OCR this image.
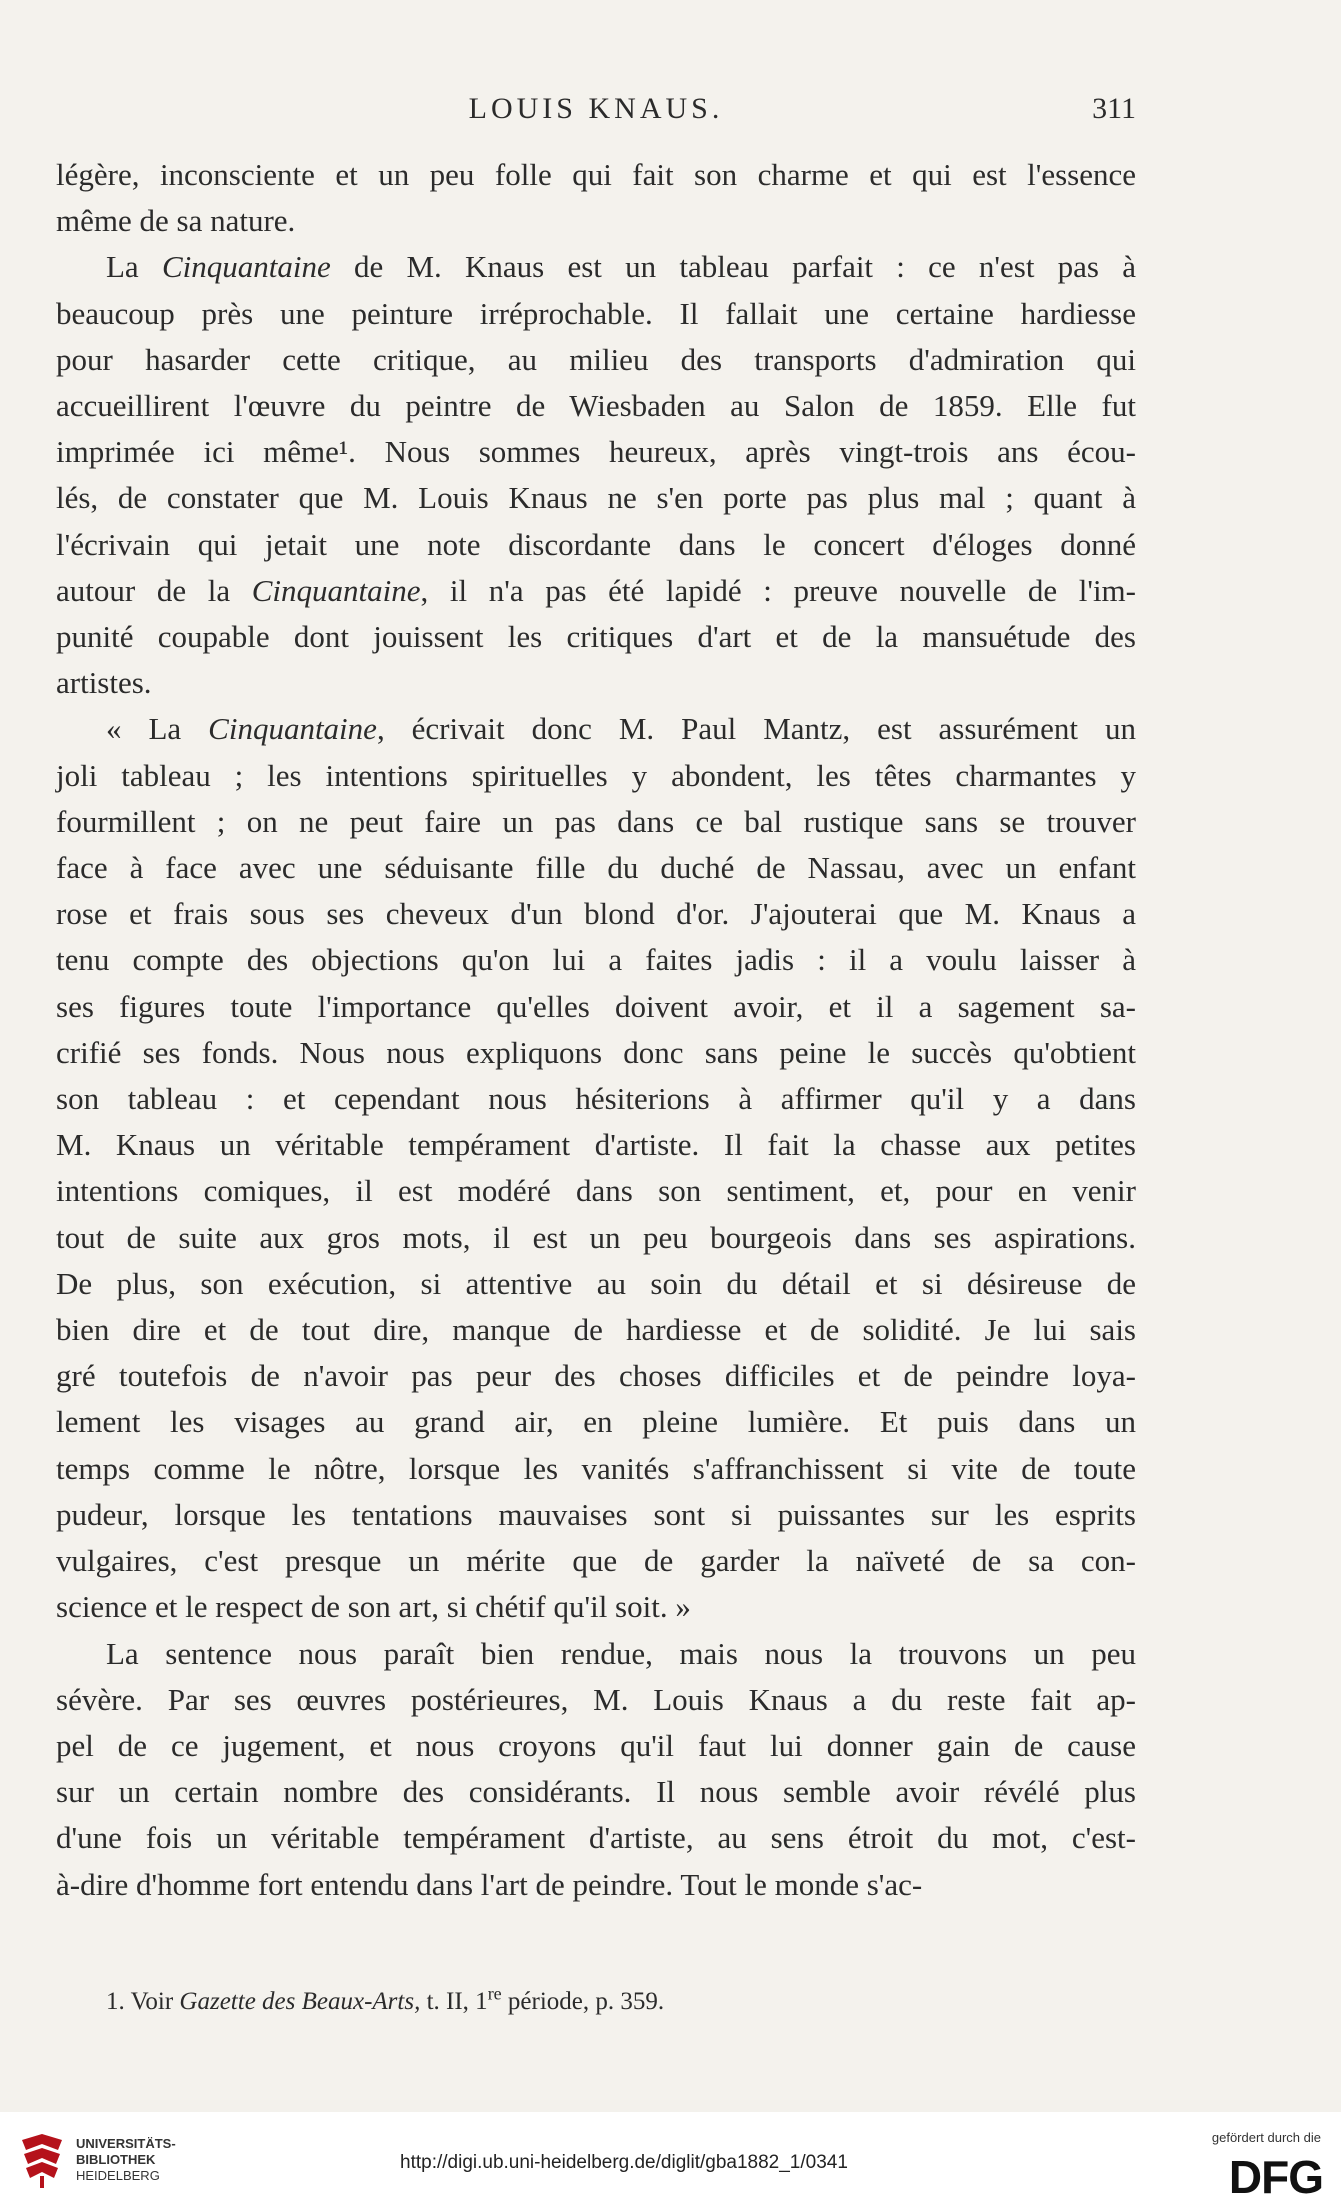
LOUIS KNAUS.	311
légère, inconsciente et un peu folle qui fait son charme et qui est l'essence
même de sa nature.
La Cinquantaine de M. Knaus est un tableau parfait : ce n'est pas à
beaucoup près une peinture irréprochable. Il fallait une certaine hardiesse
pour hasarder cette critique, au milieu des transports d'admiration qui
accueillirent l'œuvre du peintre de Wiesbaden au Salon de 1859. Elle fut
imprimée ici même¹. Nous sommes heureux, après vingt-trois ans écou-
lés, de constater que M. Louis Knaus ne s'en porte pas plus mal ; quant à
l'écrivain qui jetait une note discordante dans le concert d'éloges donné
autour de la Cinquantaine, il n'a pas été lapidé : preuve nouvelle de l'im-
punité coupable dont jouissent les critiques d'art et de la mansuétude des
artistes.
« La Cinquantaine, écrivait donc M. Paul Mantz, est assurément un
joli tableau ; les intentions spirituelles y abondent, les têtes charmantes y
fourmillent ; on ne peut faire un pas dans ce bal rustique sans se trouver
face à face avec une séduisante fille du duché de Nassau, avec un enfant
rose et frais sous ses cheveux d'un blond d'or. J'ajouterai que M. Knaus a
tenu compte des objections qu'on lui a faites jadis : il a voulu laisser à
ses figures toute l'importance qu'elles doivent avoir, et il a sagement sa-
crifié ses fonds. Nous nous expliquons donc sans peine le succès qu'obtient
son tableau : et cependant nous hésiterions à affirmer qu'il y a dans
M. Knaus un véritable tempérament d'artiste. Il fait la chasse aux petites
intentions comiques, il est modéré dans son sentiment, et, pour en venir
tout de suite aux gros mots, il est un peu bourgeois dans ses aspirations.
De plus, son exécution, si attentive au soin du détail et si désireuse de
bien dire et de tout dire, manque de hardiesse et de solidité. Je lui sais
gré toutefois de n'avoir pas peur des choses difficiles et de peindre loya-
lement les visages au grand air, en pleine lumière. Et puis dans un
temps comme le nôtre, lorsque les vanités s'affranchissent si vite de toute
pudeur, lorsque les tentations mauvaises sont si puissantes sur les esprits
vulgaires, c'est presque un mérite que de garder la naïveté de sa con-
science et le respect de son art, si chétif qu'il soit. »
La sentence nous paraît bien rendue, mais nous la trouvons un peu
sévère. Par ses œuvres postérieures, M. Louis Knaus a du reste fait ap-
pel de ce jugement, et nous croyons qu'il faut lui donner gain de cause
sur un certain nombre des considérants. Il nous semble avoir révélé plus
d'une fois un véritable tempérament d'artiste, au sens étroit du mot, c'est-
à-dire d'homme fort entendu dans l'art de peindre. Tout le monde s'ac-
1. Voir Gazette des Beaux-Arts, t. II, 1re période, p. 359.
UNIVERSITÄTS-
BIBLIOTHEK
HEIDELBERG
http://digi.ub.uni-heidelberg.de/diglit/gba1882_1/0341
gefördert durch die
DFG
